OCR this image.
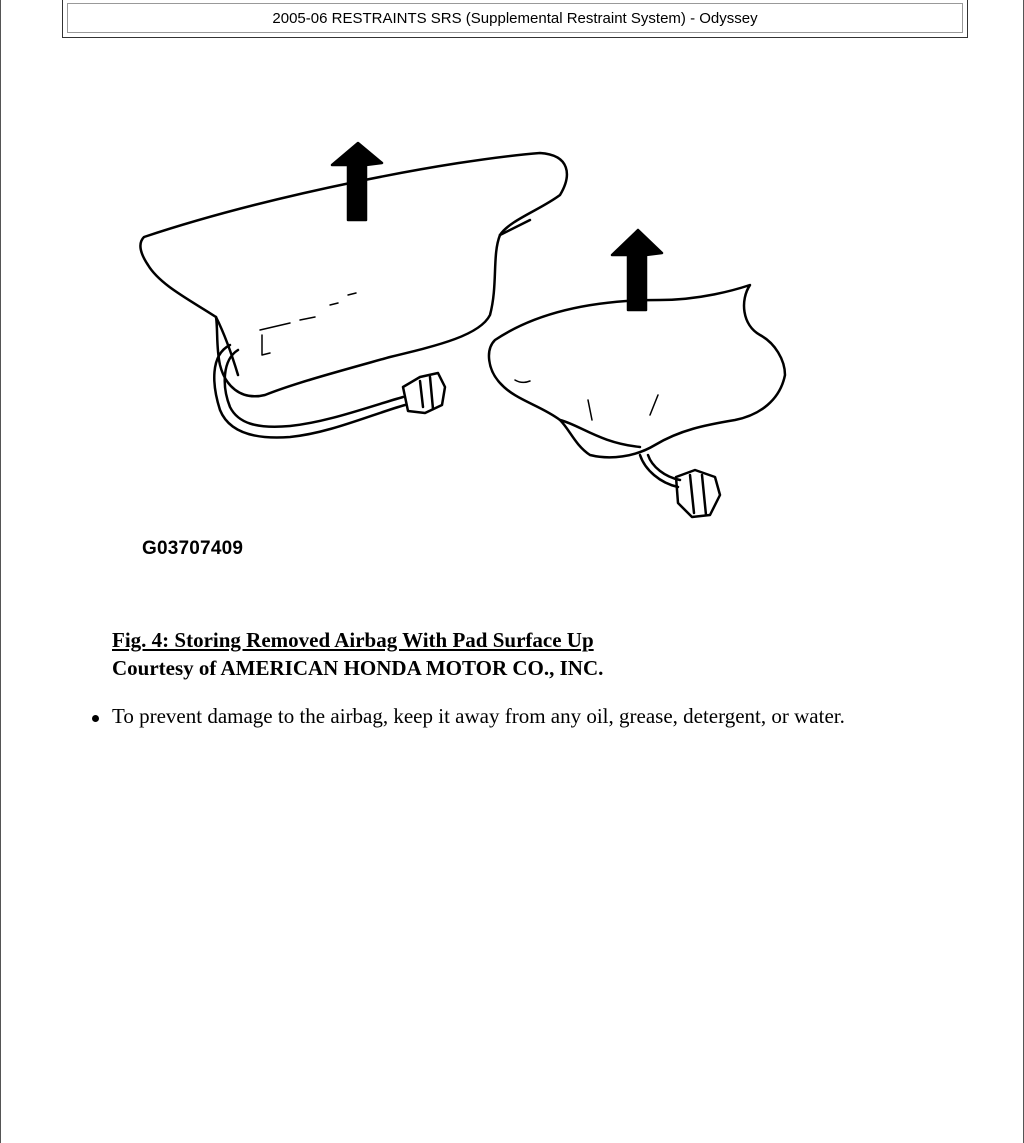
2005-06 RESTRAINTS SRS (Supplemental Restraint System) - Odyssey
G03707409
Fig. 4: Storing Removed Airbag With Pad Surface Up
Courtesy of AMERICAN HONDA MOTOR CO., INC.
To prevent damage to the airbag, keep it away from any oil, grease, detergent, or water.
